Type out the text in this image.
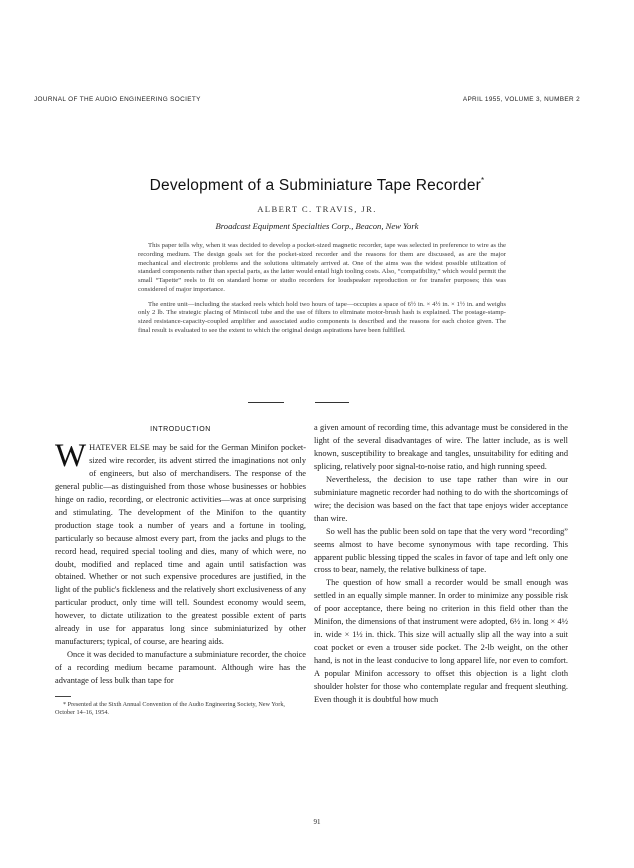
JOURNAL OF THE AUDIO ENGINEERING SOCIETY	APRIL 1955, VOLUME 3, NUMBER 2
Development of a Subminiature Tape Recorder*
ALBERT C. TRAVIS, JR.
Broadcast Equipment Specialties Corp., Beacon, New York

This paper tells why, when it was decided to develop a pocket-sized magnetic recorder, tape was selected in preference to wire as the recording medium. The design goals set for the pocket-sized recorder and the reasons for them are discussed, as are the major mechanical and electronic problems and the solutions ultimately arrived at. One of the aims was the widest possible utilization of standard components rather than special parts, as the latter would entail high tooling costs. Also, “compatibility,” which would permit the small “Tapette” reels to fit on standard home or studio recorders for loudspeaker reproduction or for transfer purposes; this was considered of major importance.

The entire unit—including the stacked reels which hold two hours of tape—occupies a space of 6½ in. × 4½ in. × 1½ in. and weighs only 2 lb. The strategic placing of Miniscoil tube and the use of filters to eliminate motor-brush hash is explained. The postage-stamp-sized resistance-capacity-coupled amplifier and associated audio components is described and the reasons for each choice given. The final result is evaluated to see the extent to which the original design aspirations have been fulfilled.

INTRODUCTION

WHATEVER ELSE may be said for the German Minifon pocket-sized wire recorder, its advent stirred the imaginations not only of engineers, but also of merchandisers. The response of the general public—as distinguished from those whose businesses or hobbies hinge on radio, recording, or electronic activities—was at once surprising and stimulating. The development of the Minifon to the quantity production stage took a number of years and a fortune in tooling, particularly so because almost every part, from the jacks and plugs to the record head, required special tooling and dies, many of which were, no doubt, modified and replaced time and again until satisfaction was obtained. Whether or not such expensive procedures are justified, in the light of the public's fickleness and the relatively short exclusiveness of any particular product, only time will tell. Soundest economy would seem, however, to dictate utilization to the greatest possible extent of parts already in use for apparatus long since subminiaturized by other manufacturers; typical, of course, are hearing aids.

Once it was decided to manufacture a subminiature recorder, the choice of a recording medium became paramount. Although wire has the advantage of less bulk than tape for

* Presented at the Sixth Annual Convention of the Audio Engineering Society, New York, October 14–16, 1954.

a given amount of recording time, this advantage must be considered in the light of the several disadvantages of wire. The latter include, as is well known, susceptibility to breakage and tangles, unsuitability for editing and splicing, relatively poor signal-to-noise ratio, and high running speed.

Nevertheless, the decision to use tape rather than wire in our subminiature magnetic recorder had nothing to do with the shortcomings of wire; the decision was based on the fact that tape enjoys wider acceptance than wire.

So well has the public been sold on tape that the very word “recording” seems almost to have become synonymous with tape recording. This apparent public blessing tipped the scales in favor of tape and left only one cross to bear, namely, the relative bulkiness of tape.

The question of how small a recorder would be small enough was settled in an equally simple manner. In order to minimize any possible risk of poor acceptance, there being no criterion in this field other than the Minifon, the dimensions of that instrument were adopted, 6½ in. long × 4½ in. wide × 1½ in. thick. This size will actually slip all the way into a suit coat pocket or even a trouser side pocket. The 2-lb weight, on the other hand, is not in the least conducive to long apparel life, nor even to comfort. A popular Minifon accessory to offset this objection is a light cloth shoulder holster for those who contemplate regular and frequent sleuthing. Even though it is doubtful how much

91
